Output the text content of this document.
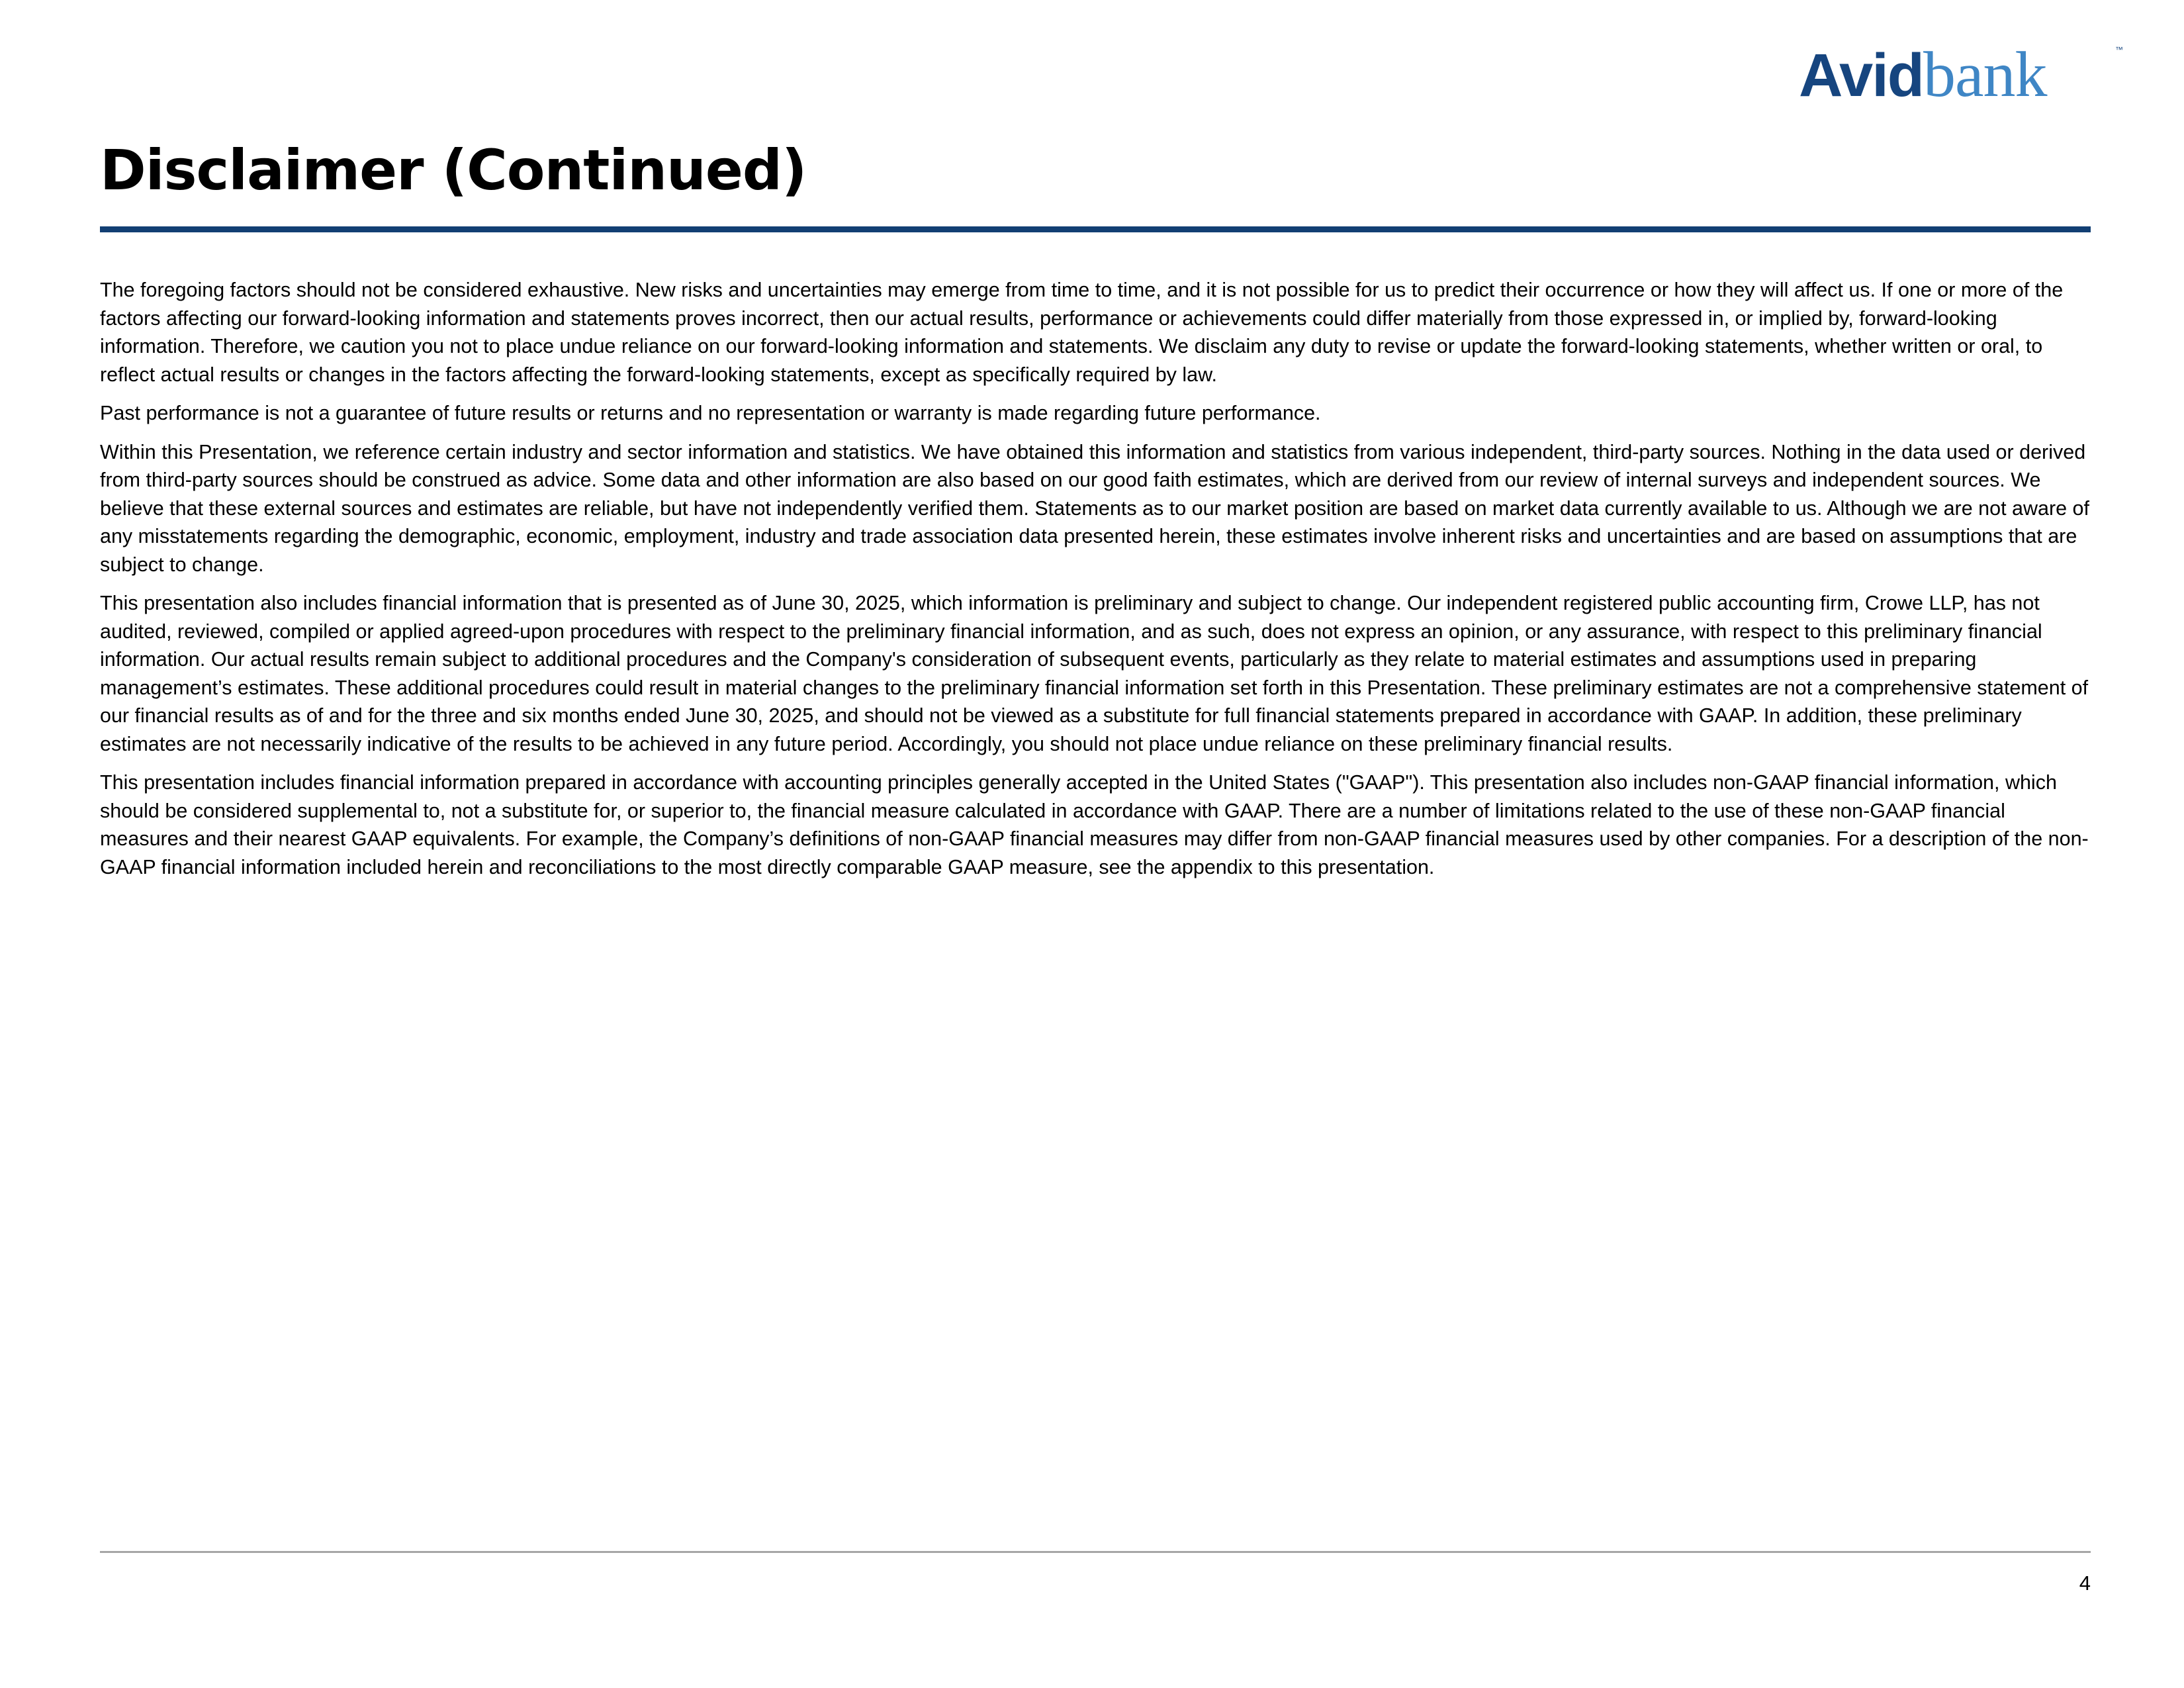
Avidbank	™
Disclaimer (Continued)

The foregoing factors should not be considered exhaustive. New risks and uncertainties may emerge from time to time, and it is not possible for us to predict their occurrence or how they will affect us. If one or more of the factors affecting our forward-looking information and statements proves incorrect, then our actual results, performance or achievements could differ materially from those expressed in, or implied by, forward-looking information. Therefore, we caution you not to place undue reliance on our forward-looking information and statements. We disclaim any duty to revise or update the forward-looking statements, whether written or oral, to reflect actual results or changes in the factors affecting the forward-looking statements, except as specifically required by law.

Past performance is not a guarantee of future results or returns and no representation or warranty is made regarding future performance.

Within this Presentation, we reference certain industry and sector information and statistics. We have obtained this information and statistics from various independent, third-party sources. Nothing in the data used or derived from third-party sources should be construed as advice. Some data and other information are also based on our good faith estimates, which are derived from our review of internal surveys and independent sources. We believe that these external sources and estimates are reliable, but have not independently verified them. Statements as to our market position are based on market data currently available to us. Although we are not aware of any misstatements regarding the demographic, economic, employment, industry and trade association data presented herein, these estimates involve inherent risks and uncertainties and are based on assumptions that are subject to change.

This presentation also includes financial information that is presented as of June 30, 2025, which information is preliminary and subject to change. Our independent registered public accounting firm, Crowe LLP, has not audited, reviewed, compiled or applied agreed-upon procedures with respect to the preliminary financial information, and as such, does not express an opinion, or any assurance, with respect to this preliminary financial information. Our actual results remain subject to additional procedures and the Company's consideration of subsequent events, particularly as they relate to material estimates and assumptions used in preparing management’s estimates. These additional procedures could result in material changes to the preliminary financial information set forth in this Presentation. These preliminary estimates are not a comprehensive statement of our financial results as of and for the three and six months ended June 30, 2025, and should not be viewed as a substitute for full financial statements prepared in accordance with GAAP. In addition, these preliminary estimates are not necessarily indicative of the results to be achieved in any future period. Accordingly, you should not place undue reliance on these preliminary financial results.

This presentation includes financial information prepared in accordance with accounting principles generally accepted in the United States ("GAAP"). This presentation also includes non-GAAP financial information, which should be considered supplemental to, not a substitute for, or superior to, the financial measure calculated in accordance with GAAP. There are a number of limitations related to the use of these non-GAAP financial measures and their nearest GAAP equivalents. For example, the Company’s definitions of non-GAAP financial measures may differ from non-GAAP financial measures used by other companies. For a description of the non-GAAP financial information included herein and reconciliations to the most directly comparable GAAP measure, see the appendix to this presentation.

4
